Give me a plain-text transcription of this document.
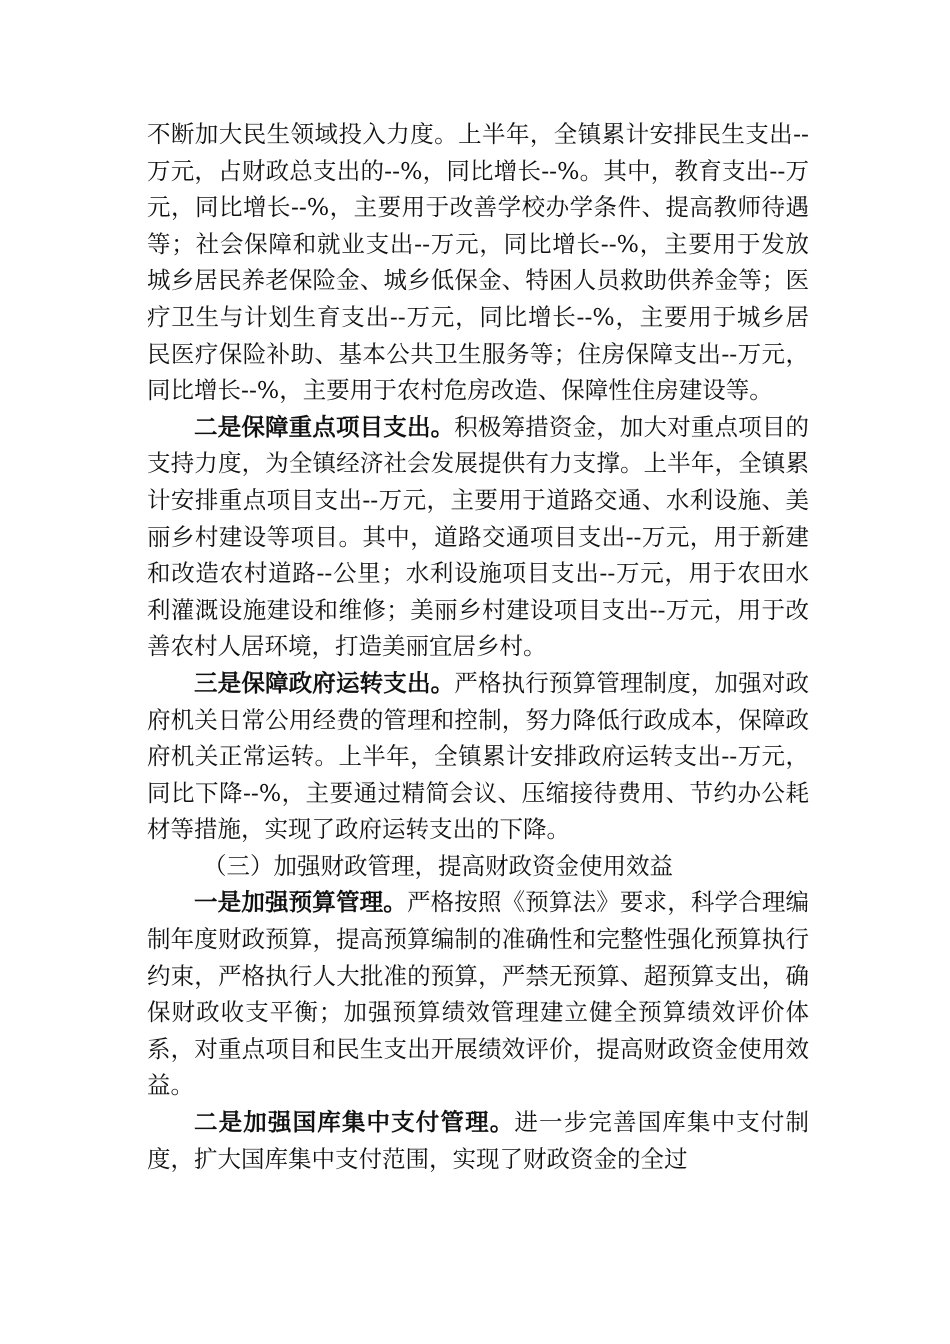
不断加大民生领域投入力度。上半年，全镇累计安排民生支出--万元，占财政总支出的--%，同比增长--%。其中，教育支出--万元，同比增长--%，主要用于改善学校办学条件、提高教师待遇等；社会保障和就业支出--万元，同比增长--%，主要用于发放城乡居民养老保险金、城乡低保金、特困人员救助供养金等；医疗卫生与计划生育支出--万元，同比增长--%，主要用于城乡居民医疗保险补助、基本公共卫生服务等；住房保障支出--万元，同比增长--%，主要用于农村危房改造、保障性住房建设等。

二是保障重点项目支出。积极筹措资金，加大对重点项目的支持力度，为全镇经济社会发展提供有力支撑。上半年，全镇累计安排重点项目支出--万元，主要用于道路交通、水利设施、美丽乡村建设等项目。其中，道路交通项目支出--万元，用于新建和改造农村道路--公里；水利设施项目支出--万元，用于农田水利灌溉设施建设和维修；美丽乡村建设项目支出--万元，用于改善农村人居环境，打造美丽宜居乡村。

三是保障政府运转支出。严格执行预算管理制度，加强对政府机关日常公用经费的管理和控制，努力降低行政成本，保障政府机关正常运转。上半年，全镇累计安排政府运转支出--万元，同比下降--%，主要通过精简会议、压缩接待费用、节约办公耗材等措施，实现了政府运转支出的下降。

（三）加强财政管理，提高财政资金使用效益

一是加强预算管理。严格按照《预算法》要求，科学合理编制年度财政预算，提高预算编制的准确性和完整性强化预算执行约束，严格执行人大批准的预算，严禁无预算、超预算支出，确保财政收支平衡；加强预算绩效管理建立健全预算绩效评价体系，对重点项目和民生支出开展绩效评价，提高财政资金使用效益。

二是加强国库集中支付管理。进一步完善国库集中支付制度，扩大国库集中支付范围，实现了财政资金的全过
